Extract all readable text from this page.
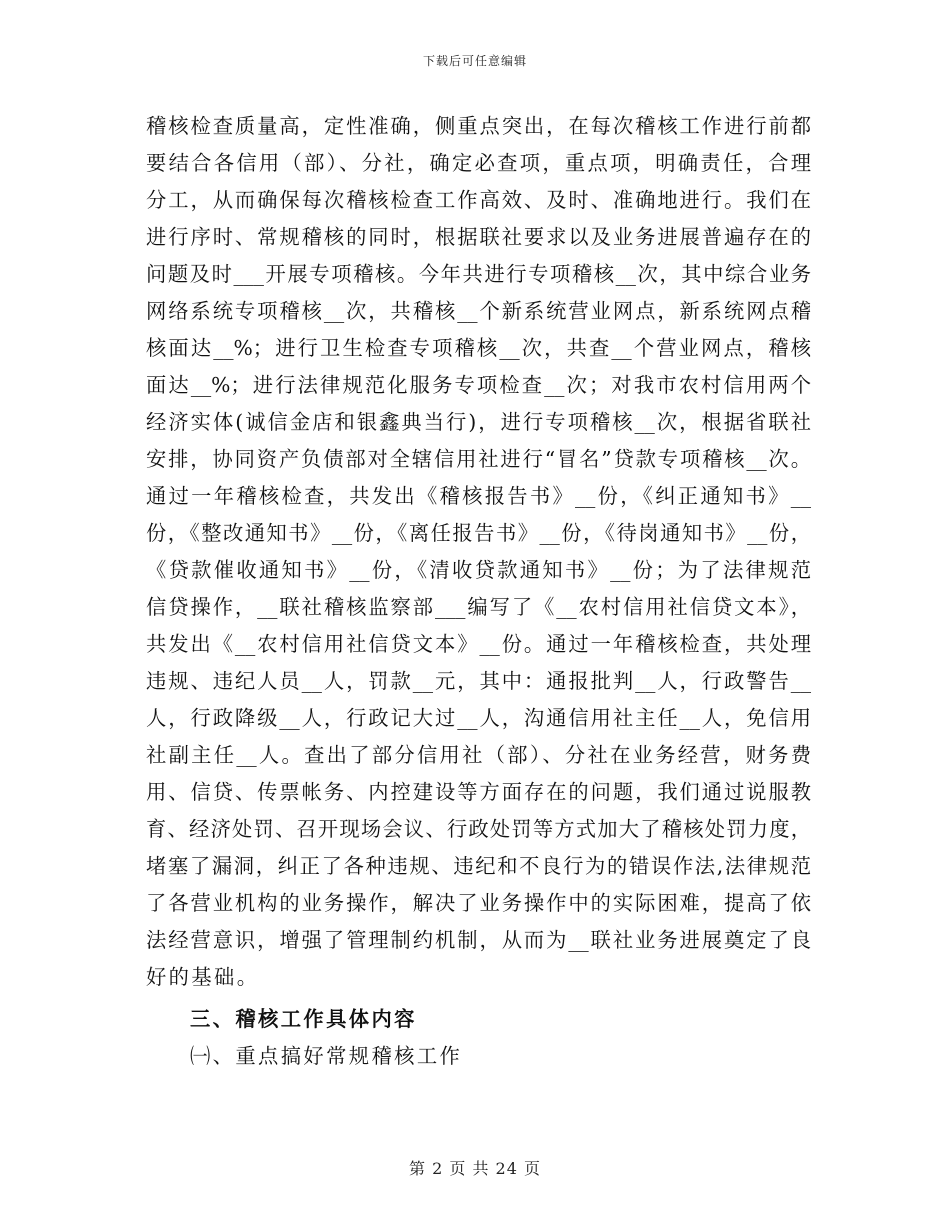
下载后可任意编辑
稽核检查质量高，定性准确，侧重点突出，在每次稽核工作进行前都
要结合各信用（部）、分社，确定必查项，重点项，明确责任，合理
分工，从而确保每次稽核检查工作高效、及时、准确地进行。我们在
进行序时、常规稽核的同时，根据联社要求以及业务进展普遍存在的
问题及时___开展专项稽核。今年共进行专项稽核__次，其中综合业务
网络系统专项稽核__次，共稽核__个新系统营业网点，新系统网点稽
核面达__%；进行卫生检查专项稽核__次，共查__个营业网点，稽核
面达__%；进行法律规范化服务专项检查__次；对我市农村信用两个
经济实体(诚信金店和银鑫典当行)，进行专项稽核__次，根据省联社
安排，协同资产负债部对全辖信用社进行“冒名”贷款专项稽核__次。
通过一年稽核检查，共发出《稽核报告书》__份，《纠正通知书》__
份，《整改通知书》__份，《离任报告书》__份，《待岗通知书》__份，
《贷款催收通知书》__份，《清收贷款通知书》__份；为了法律规范
信贷操作，__联社稽核监察部___编写了《__农村信用社信贷文本》，
共发出《__农村信用社信贷文本》__份。通过一年稽核检查，共处理
违规、违纪人员__人，罚款__元，其中：通报批判__人，行政警告__
人，行政降级__人，行政记大过__人，沟通信用社主任__人，免信用
社副主任__人。查出了部分信用社（部）、分社在业务经营，财务费
用、信贷、传票帐务、内控建设等方面存在的问题，我们通过说服教
育、经济处罚、召开现场会议、行政处罚等方式加大了稽核处罚力度，
堵塞了漏洞，纠正了各种违规、违纪和不良行为的错误作法,法律规范
了各营业机构的业务操作，解决了业务操作中的实际困难，提高了依
法经营意识，增强了管理制约机制，从而为__联社业务进展奠定了良
好的基础。
三、稽核工作具体内容
㈠、重点搞好常规稽核工作
第 2 页 共 24 页
